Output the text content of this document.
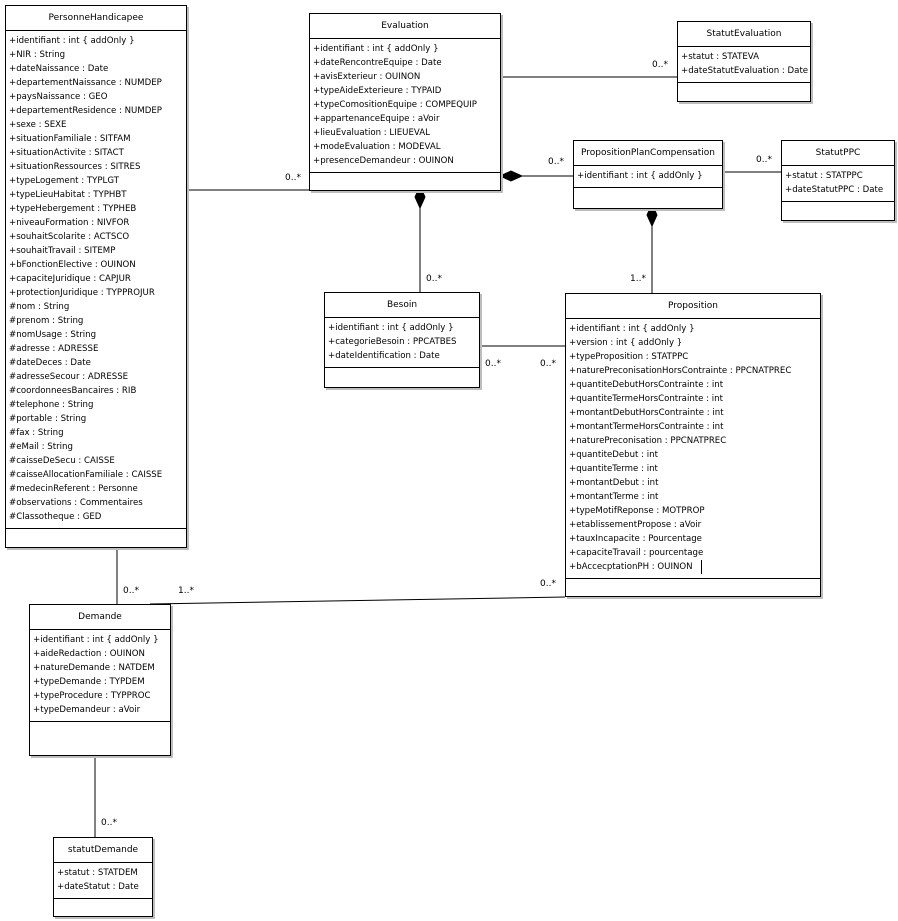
PersonneHandicapee
+identifiant : int { addOnly }
+NIR : String
+dateNaissance : Date
+departementNaissance : NUMDEP
+paysNaissance : GEO
+departementResidence : NUMDEP
+sexe : SEXE
+situationFamiliale : SITFAM
+situationActivite : SITACT
+situationRessources : SITRES
+typeLogement : TYPLGT
+typeLieuHabitat : TYPHBT
+typeHebergement : TYPHEB
+niveauFormation : NIVFOR
+souhaitScolarite : ACTSCO
+souhaitTravail : SITEMP
+bFonctionElective : OUINON
+capaciteJuridique : CAPJUR
+protectionJuridique : TYPPROJUR
#nom : String
#prenom : String
#nomUsage : String
#adresse : ADRESSE
#dateDeces : Date
#adresseSecour : ADRESSE
#coordonneesBancaires : RIB
#telephone : String
#portable : String
#fax : String
#eMail : String
#caisseDeSecu : CAISSE
#caisseAllocationFamiliale : CAISSE
#medecinReferent : Personne
#observations : Commentaires
#Classotheque : GED
Evaluation
+identifiant : int { addOnly }
+dateRencontreEquipe : Date
+avisExterieur : OUINON
+typeAideExterieure : TYPAID
+typeComositionEquipe : COMPEQUIP
+appartenanceEquipe : aVoir
+lieuEvaluation : LIEUEVAL
+modeEvaluation : MODEVAL
+presenceDemandeur : OUINON
StatutEvaluation
+statut : STATEVA
+dateStatutEvaluation : Date
PropositionPlanCompensation
+identifiant : int { addOnly }
StatutPPC
+statut : STATPPC
+dateStatutPPC : Date
Besoin
+identifiant : int { addOnly }
+categorieBesoin : PPCATBES
+dateIdentification : Date
Proposition
+identifiant : int { addOnly }
+version : int { addOnly }
+typeProposition : STATPPC
+naturePreconisationHorsContrainte : PPCNATPREC
+quantiteDebutHorsContrainte : int
+quantiteTermeHorsContrainte : int
+montantDebutHorsContrainte : int
+montantTermeHorsContrainte : int
+naturePreconisation : PPCNATPREC
+quantiteDebut : int
+quantiteTerme : int
+montantDebut : int
+montantTerme : int
+typeMotifReponse : MOTPROP
+etablissementPropose : aVoir
+tauxIncapacite : Pourcentage
+capaciteTravail : pourcentage
+bAccecptationPH : OUINON
Demande
+identifiant : int { addOnly }
+aideRedaction : OUINON
+natureDemande : NATDEM
+typeDemande : TYPDEM
+typeProcedure : TYPPROC
+typeDemandeur : aVoir
statutDemande
+statut : STATDEM
+dateStatut : Date
0..*
0..*
0..*	0..*
0..*	1..*
0..*	0..*
0..*	1..*
0..*
0..*
